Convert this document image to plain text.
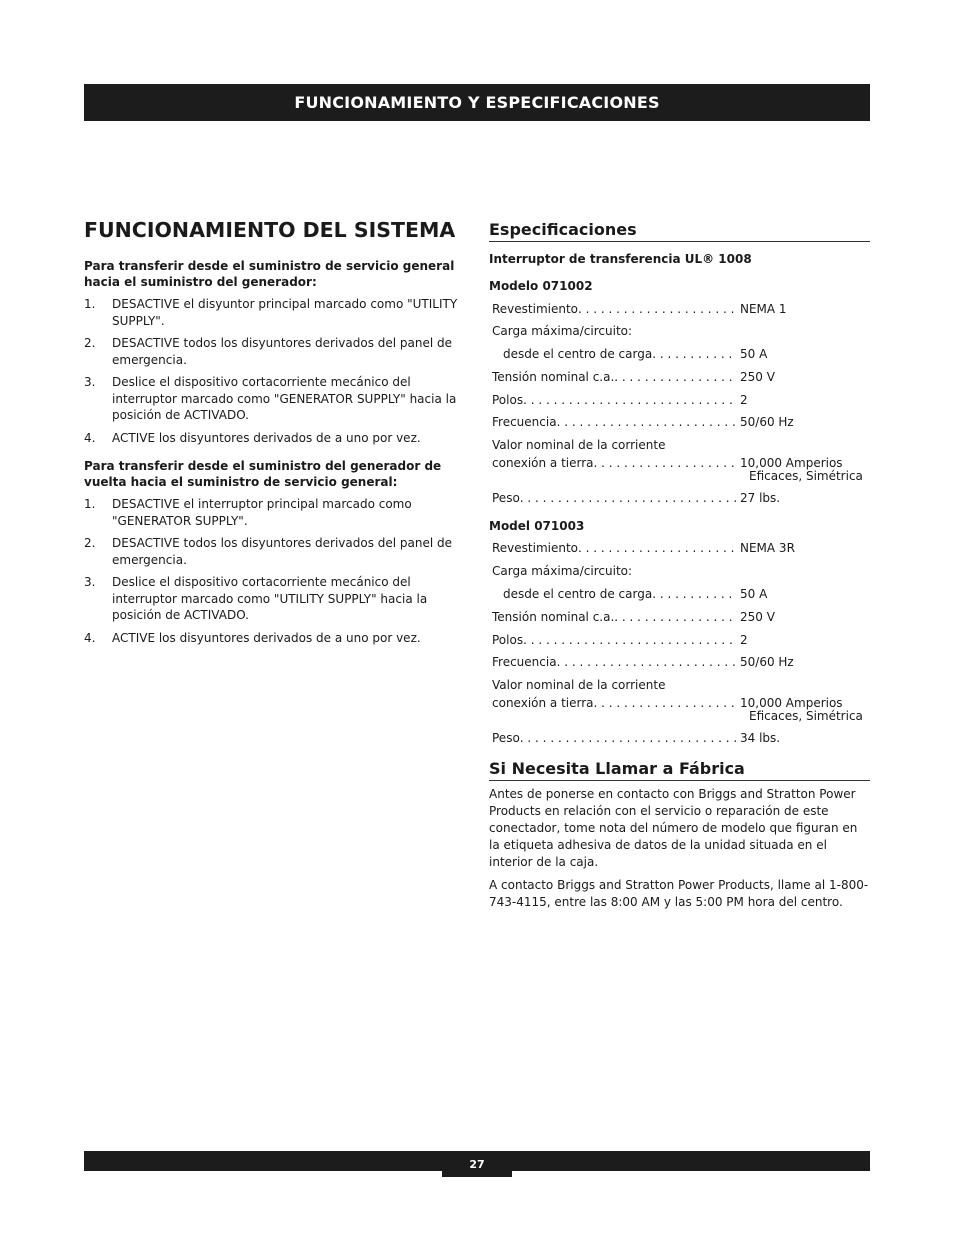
FUNCIONAMIENTO Y ESPECIFICACIONES
FUNCIONAMIENTO DEL SISTEMA

Para transferir desde el suministro de servicio general hacia el suministro del generador:

1.	DESACTIVE el disyuntor principal marcado como "UTILITY SUPPLY".
2.	DESACTIVE todos los disyuntores derivados del panel de emergencia.
3.	Deslice el dispositivo cortacorriente mecánico del interruptor marcado como "GENERATOR SUPPLY" hacia la posición de ACTIVADO.
4.	ACTIVE los disyuntores derivados de a uno por vez.

Para transferir desde el suministro del generador de vuelta hacia el suministro de servicio general:

1.	DESACTIVE el interruptor principal marcado como "GENERATOR SUPPLY".
2.	DESACTIVE todos los disyuntores derivados del panel de emergencia.
3.	Deslice el dispositivo cortacorriente mecánico del interruptor marcado como "UTILITY SUPPLY" hacia la posición de ACTIVADO.
4.	ACTIVE los disyuntores derivados de a uno por vez.
Especificaciones
Interruptor de transferencia UL® 1008
Modelo 071002
Revestimiento . . .	NEMA 1
Carga máxima/circuito:
desde el centro de carga . . .	50 A
Tensión nominal c.a. . . .	250 V
Polos . . .	2
Frecuencia . . .	50/60 Hz
Valor nominal de la corriente
conexión a tierra . . .	10,000 Amperios
Eficaces, Simétrica
Peso . . .	27 lbs.
Model 071003
Revestimiento . . .	NEMA 3R
Carga máxima/circuito:
desde el centro de carga . . .	50 A
Tensión nominal c.a. . . .	250 V
Polos . . .	2
Frecuencia . . .	50/60 Hz
Valor nominal de la corriente
conexión a tierra . . .	10,000 Amperios
Eficaces, Simétrica
Peso . . .	34 lbs.
Si Necesita Llamar a Fábrica

Antes de ponerse en contacto con Briggs and Stratton Power Products en relación con el servicio o reparación de este conectador, tome nota del número de modelo que figuran en la etiqueta adhesiva de datos de la unidad situada en el interior de la caja.

A contacto Briggs and Stratton Power Products, llame al 1-800-743-4115, entre las 8:00 AM y las 5:00 PM hora del centro.

27
